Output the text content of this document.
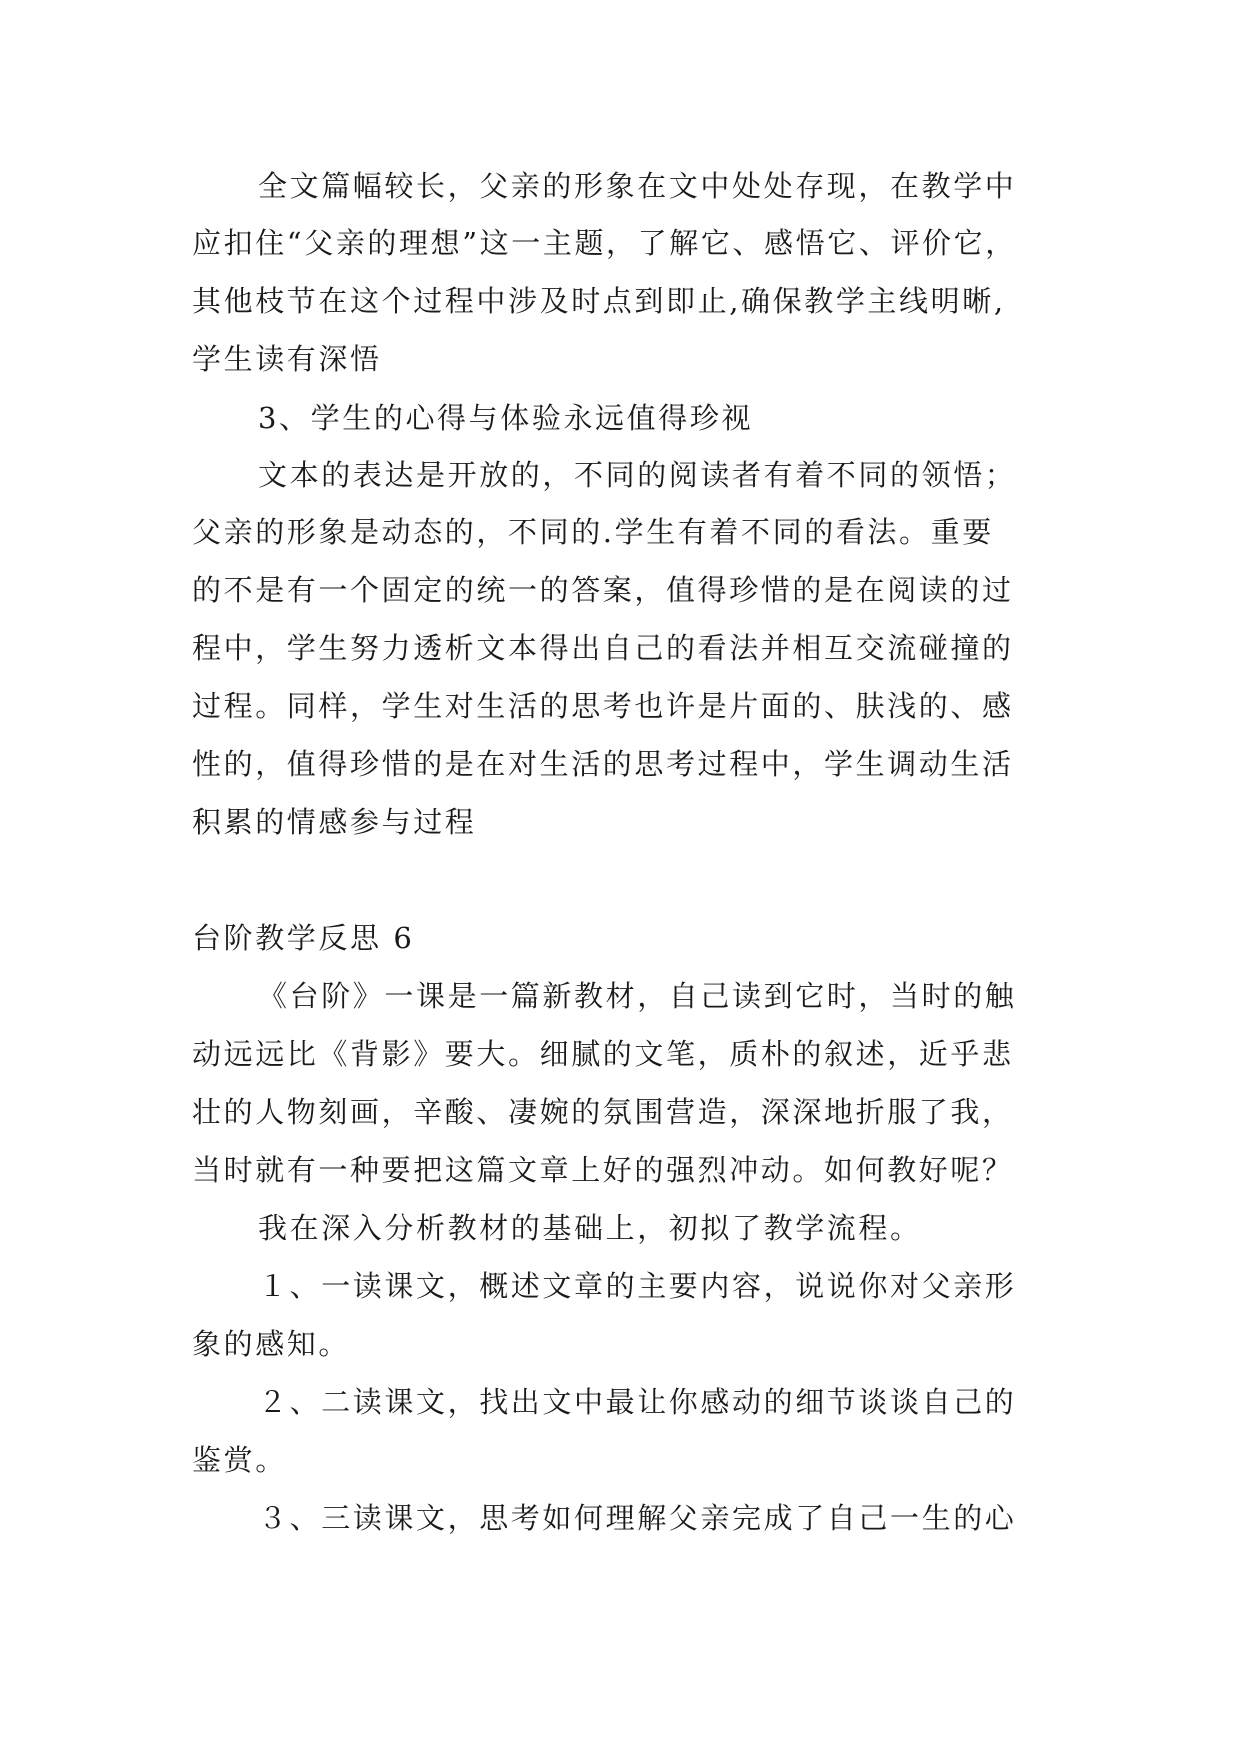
全文篇幅较长，父亲的形象在文中处处存现，在教学中
应扣住“父亲的理想”这一主题，了解它、感悟它、评价它，
其他枝节在这个过程中涉及时点到即止,确保教学主线明晰,
学生读有深悟
3、学生的心得与体验永远值得珍视
文本的表达是开放的，不同的阅读者有着不同的领悟；
父亲的形象是动态的，不同的.学生有着不同的看法。重要
的不是有一个固定的统一的答案，值得珍惜的是在阅读的过
程中，学生努力透析文本得出自己的看法并相互交流碰撞的
过程。同样，学生对生活的思考也许是片面的、肤浅的、感
性的，值得珍惜的是在对生活的思考过程中，学生调动生活
积累的情感参与过程
台阶教学反思 6
《台阶》一课是一篇新教材，自己读到它时，当时的触
动远远比《背影》要大。细腻的文笔，质朴的叙述，近乎悲
壮的人物刻画，辛酸、凄婉的氛围营造，深深地折服了我，
当时就有一种要把这篇文章上好的强烈冲动。如何教好呢？
我在深入分析教材的基础上，初拟了教学流程。
１、一读课文，概述文章的主要内容，说说你对父亲形
象的感知。
２、二读课文，找出文中最让你感动的细节谈谈自己的
鉴赏。
３、三读课文，思考如何理解父亲完成了自己一生的心
